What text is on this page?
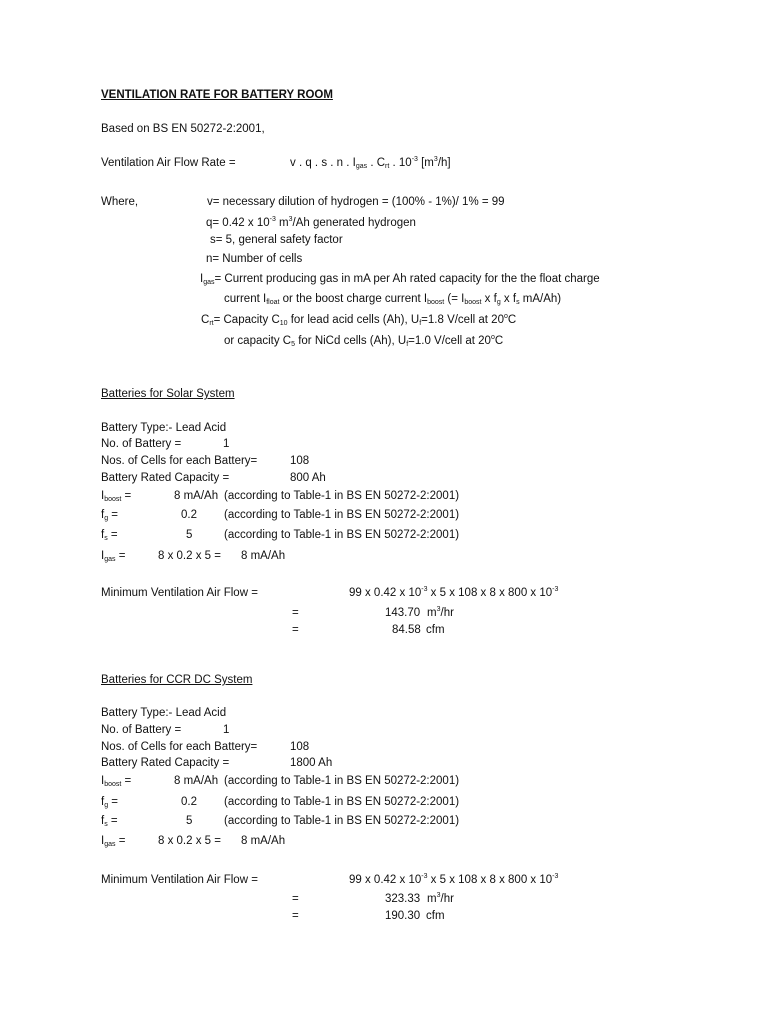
VENTILATION RATE FOR BATTERY ROOM
Based on BS EN 50272-2:2001,
Ventilation Air Flow Rate =	v . q . s . n . $I_{gas}$ . $C_{rt}$ . $10^{-3}$ $[m^3/h]$
Where,	v= necessary dilution of hydrogen = (100% - 1%)/ 1% = 99
q= 0.42 x $10^{-3}$ $m^3/Ah$ generated hydrogen
s= 5, general safety factor
n= Number of cells
$I_{gas}=$ Current producing gas in mA per Ah rated capacity for the the float charge
current $I_{float}$ or the boost charge current $I_{boost}$ (= $I_{boost}$ x $f_g$ x $f_s$ mA/Ah)
$C_{rt}=$ Capacity $C_{10}$ for lead acid cells (Ah), $U_f=1.8$ V/cell at 20$^o$C
or capacity $C_5$ for NiCd cells (Ah), $U_f=1.0$ V/cell at 20$^o$C
Batteries for Solar System
Battery Type:- Lead Acid
No. of Battery =	1
Nos. of Cells for each Battery=	108
Battery Rated Capacity =	800 Ah
$I_{boost}$ =	8 mA/Ah (according to Table-1 in BS EN 50272-2:2001)
$f_g$ =	0.2 (according to Table-1 in BS EN 50272-2:2001)
$f_s$ =	5	(according to Table-1 in BS EN 50272-2:2001)
$I_{gas}$ =	8 x 0.2 x 5 = 8 mA/Ah
Minimum Ventilation Air Flow =	99 x 0.42 x $10^{-3}$ x 5 x 108 x 8 x 800 x $10^{-3}$
=	143.70 $m^3/hr$
=	84.58 cfm
Batteries for CCR DC System
Battery Type:- Lead Acid
No. of Battery =	1
Nos. of Cells for each Battery=	108
Battery Rated Capacity =	1800 Ah
$I_{boost}$ =	8 mA/Ah (according to Table-1 in BS EN 50272-2:2001)
$f_g$ =	0.2 (according to Table-1 in BS EN 50272-2:2001)
$f_s$ =	5	(according to Table-1 in BS EN 50272-2:2001)
$I_{gas}$ =	8 x 0.2 x 5 = 8 mA/Ah
Minimum Ventilation Air Flow =	99 x 0.42 x $10^{-3}$ x 5 x 108 x 8 x 800 x $10^{-3}$
=	323.33 $m^3/hr$
=	190.30 cfm
